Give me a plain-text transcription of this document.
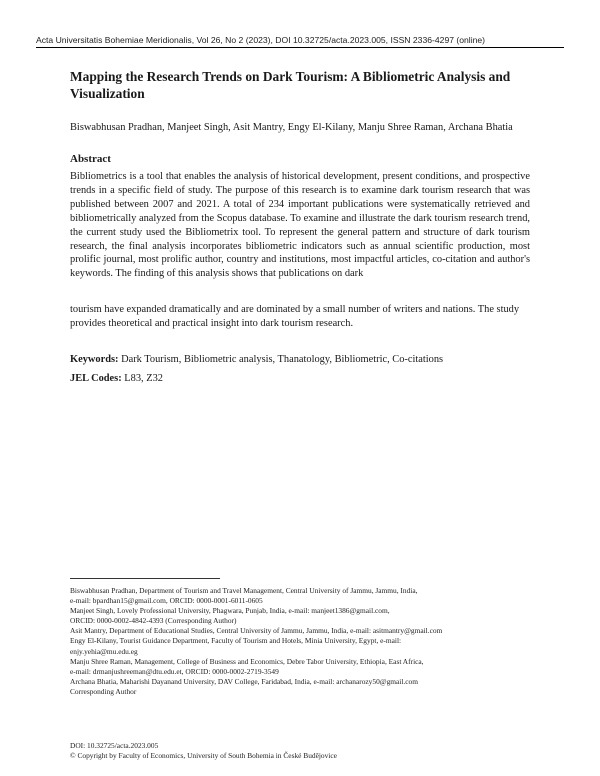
Acta Universitatis Bohemiae Meridionalis, Vol 26, No 2 (2023), DOI 10.32725/acta.2023.005, ISSN 2336-4297 (online)
Mapping the Research Trends on Dark Tourism: A Bibliometric Analysis and Visualization

Biswabhusan Pradhan, Manjeet Singh, Asit Mantry, Engy El-Kilany, Manju Shree Raman, Archana Bhatia

Abstract

Bibliometrics is a tool that enables the analysis of historical development, present conditions, and prospective trends in a specific field of study. The purpose of this research is to examine dark tourism research that was published between 2007 and 2021. A total of 234 important publications were systematically retrieved and bibliometrically analyzed from the Scopus database. To examine and illustrate the dark tourism research trend, the current study used the Bibliometrix tool. To represent the general pattern and structure of dark tourism research, the final analysis incorporates bibliometric indicators such as annual scientific production, most prolific journal, most prolific author, country and institutions, most impactful articles, co-citation and author's keywords. The finding of this analysis shows that publications on dark

tourism have expanded dramatically and are dominated by a small number of writers and nations. The study provides theoretical and practical insight into dark tourism research.

Keywords: Dark Tourism, Bibliometric analysis, Thanatology, Bibliometric, Co-citations

JEL Codes: L83, Z32

Biswabhusan Pradhan, Department of Tourism and Travel Management, Central University of Jammu, Jammu, India,
e-mail: bpardhan15@gmail.com, ORCID: 0000-0001-6011-0605
Manjeet Singh, Lovely Professional University, Phagwara, Punjab, India, e-mail: manjeet1386@gmail.com,
ORCID: 0000-0002-4842-4393 (Corresponding Author)
Asit Mantry, Department of Educational Studies, Central University of Jammu, Jammu, India, e-mail: asitmantry@gmail.com
Engy El-Kilany, Tourist Guidance Department, Faculty of Tourism and Hotels, Minia University, Egypt, e-mail:
enjy.yehia@mu.edu.eg
Manju Shree Raman, Management, College of Business and Economics, Debre Tabor University, Ethiopia, East Africa,
e-mail: drmanjushreeman@dtu.edu.et, ORCID: 0000-0002-2719-3549
Archana Bhatia, Maharishi Dayanand University, DAV College, Faridabad, India, e-mail: archanarozy50@gmail.com
Corresponding Author
DOI: 10.32725/acta.2023.005
© Copyright by Faculty of Economics, University of South Bohemia in České Budějovice
